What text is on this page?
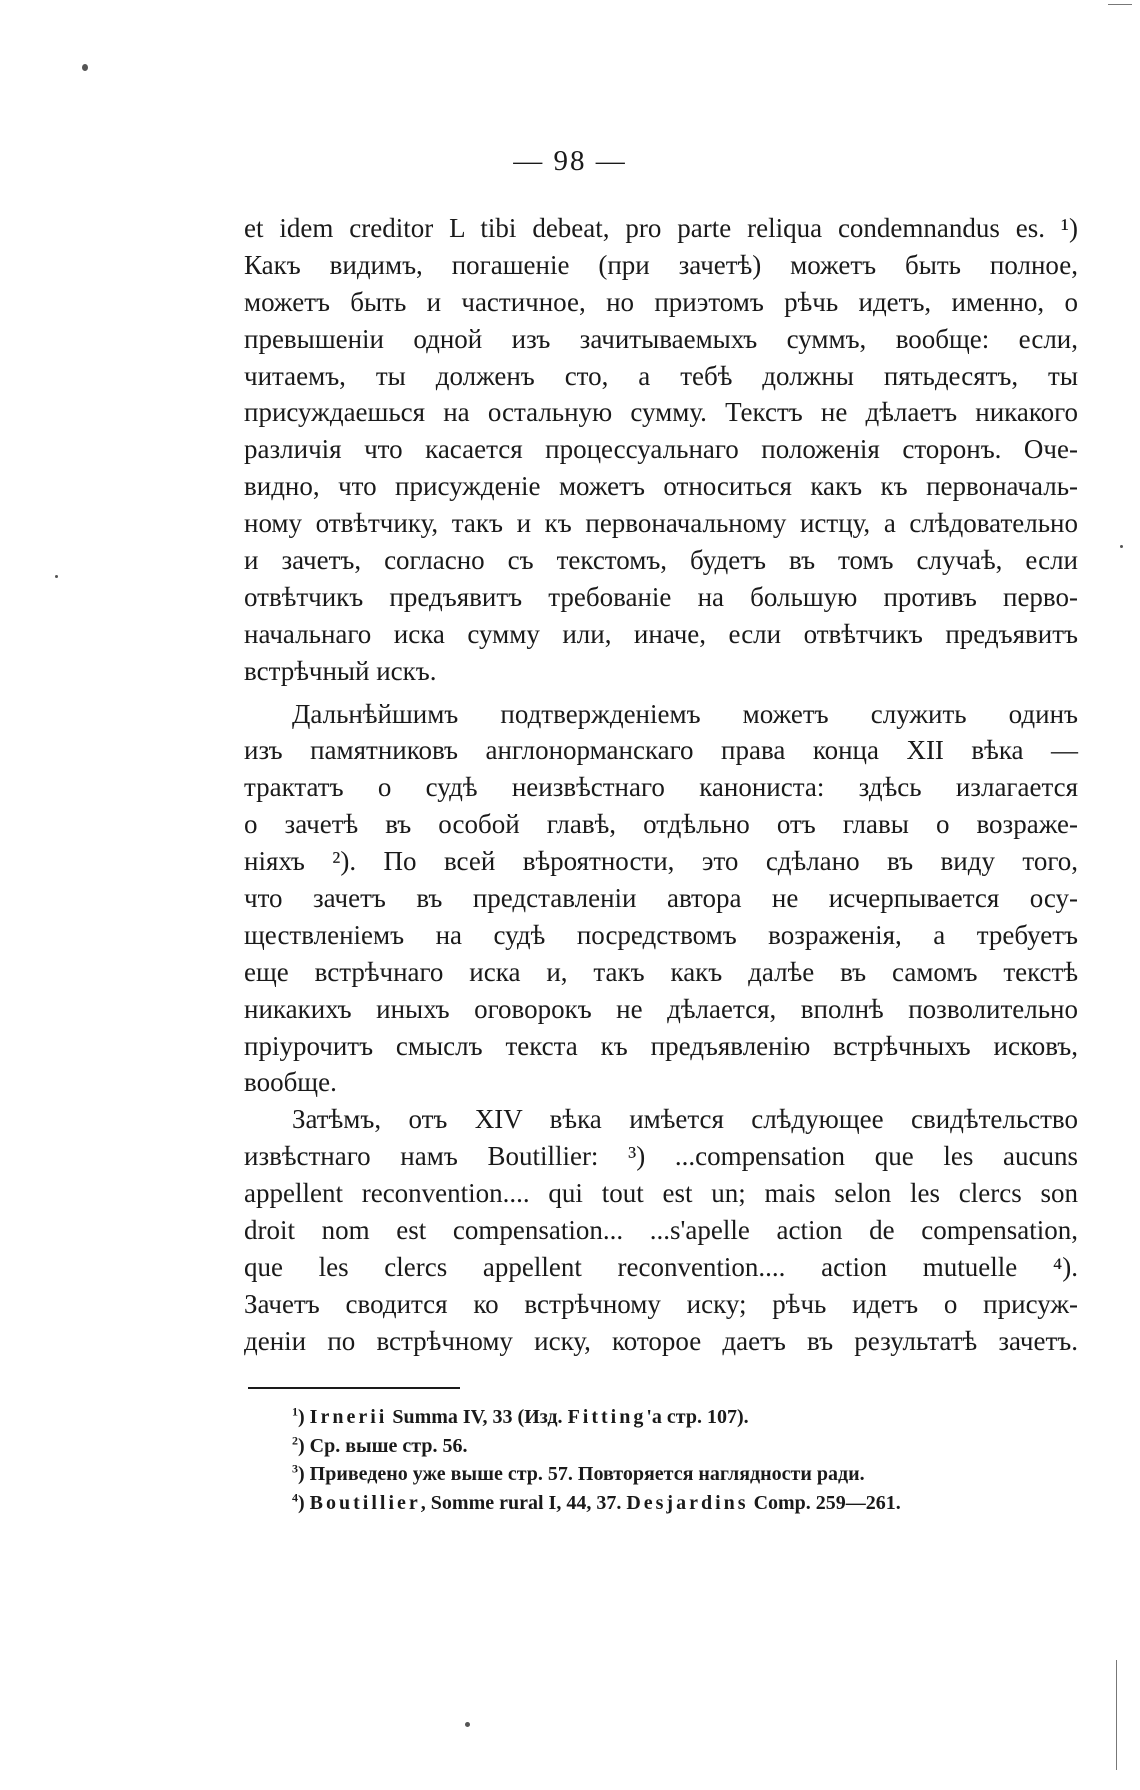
— 98 —
et idem creditor L tibi debeat, pro parte reliqua condemnandus es. ¹)
Какъ видимъ, погашеніе (при зачетѣ) можетъ быть полное,
можетъ быть и частичное, но приэтомъ рѣчь идетъ, именно, о
превышеніи одной изъ зачитываемыхъ суммъ, вообще: если,
читаемъ, ты долженъ сто, а тебѣ должны пятьдесятъ, ты
присуждаешься на остальную сумму. Текстъ не дѣлаетъ никакого
различія что касается процессуальнаго положенія сторонъ. Оче-
видно, что присужденіе можетъ относиться какъ къ первоначаль-
ному отвѣтчику, такъ и къ первоначальному истцу, а слѣдовательно
и зачетъ, согласно съ текстомъ, будетъ въ томъ случаѣ, если
отвѣтчикъ предъявитъ требованіе на большую противъ перво-
начальнаго иска сумму или, иначе, если отвѣтчикъ предъявитъ
встрѣчный искъ.
Дальнѣйшимъ подтвержденіемъ можетъ служить одинъ
изъ памятниковъ англонорманскаго права конца XII вѣка —
трактатъ о судѣ неизвѣстнаго канониста: здѣсь излагается
о зачетѣ въ особой главѣ, отдѣльно отъ главы о возраже-
ніяхъ ²). По всей вѣроятности, это сдѣлано въ виду того,
что зачетъ въ представленіи автора не исчерпывается осу-
ществленіемъ на судѣ посредствомъ возраженія, а требуетъ
еще встрѣчнаго иска и, такъ какъ далѣе въ самомъ текстѣ
никакихъ иныхъ оговорокъ не дѣлается, вполнѣ позволительно
пріурочитъ смыслъ текста къ предъявленію встрѣчныхъ исковъ,
вообще.
Затѣмъ, отъ XIV вѣка имѣется слѣдующее свидѣтельство
извѣстнаго намъ Boutillier: ³) ...compensation que les aucuns
appellent reconvention.... qui tout est un; mais selon les clercs son
droit nom est compensation... ...s'apelle action de compensation,
que les clercs appellent reconvention.... action mutuelle ⁴).
Зачетъ сводится ко встрѣчному иску; рѣчь идетъ о присуж-
деніи по встрѣчному иску, которое даетъ въ результатѣ зачетъ.
$^1$) Irnerii Summa IV, 33 (Изд. Fitting'a стр. 107).
$^2$) Ср. выше стр. 56.
$^3$) Приведено уже выше стр. 57. Повторяется наглядности ради.
$^4$) Boutillier, Somme rural I, 44, 37. Desjardins Comp. 259—261.
